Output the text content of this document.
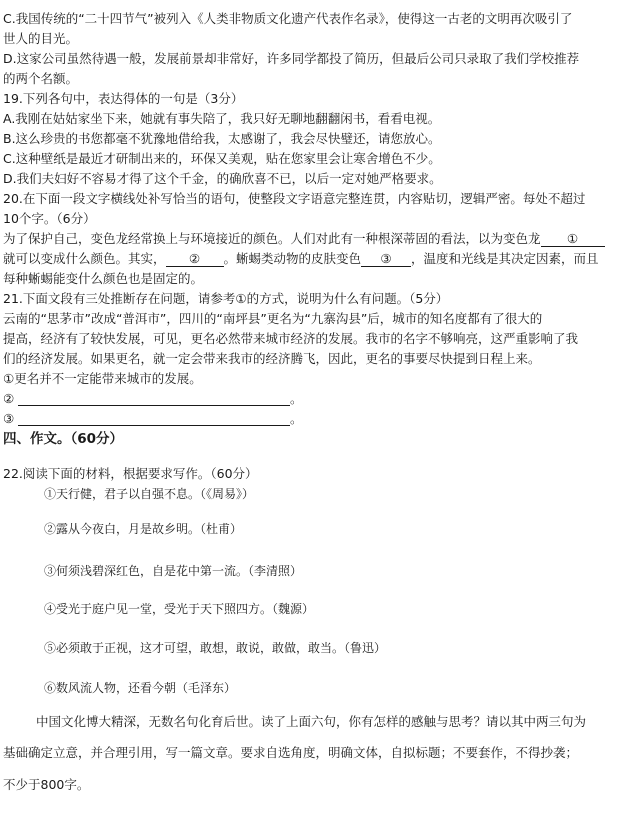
C.我国传统的“二十四节气”被列入《人类非物质文化遗产代表作名录》，使得这一古老的文明再次吸引了
世人的目光。
D.这家公司虽然待遇一般，发展前景却非常好，许多同学都投了简历，但最后公司只录取了我们学校推荐
的两个名额。
19.下列各句中，表达得体的一句是（3分）
A.我刚在姑姑家坐下来，她就有事失陪了，我只好无聊地翻翻闲书，看看电视。
B.这么珍贵的书您都毫不犹豫地借给我，太感谢了，我会尽快璧还，请您放心。
C.这种壁纸是最近才研制出来的，环保又美观，贴在您家里会让寒舍增色不少。
D.我们夫妇好不容易才得了这个千金，的确欣喜不已，以后一定对她严格要求。
20.在下面一段文字横线处补写恰当的语句，使整段文字语意完整连贯，内容贴切，逻辑严密。每处不超过
10个字。（6分）
为了保护自己，变色龙经常换上与环境接近的颜色。人们对此有一种根深蒂固的看法，以为变色龙 ①
就可以变成什么颜色。其实， ② 。蜥蜴类动物的皮肤变色 ③ ，温度和光线是其决定因素，而且
每种蜥蜴能变什么颜色也是固定的。
21.下面文段有三处推断存在问题，请参考①的方式，说明为什么有问题。（5分）
云南的“思茅市”改成“普洱市”，四川的“南坪县”更名为“九寨沟县”后，城市的知名度都有了很大的
提高，经济有了较快发展，可见，更名必然带来城市经济的发展。我市的名字不够响亮，这严重影响了我
们的经济发展。如果更名，就一定会带来我市的经济腾飞，因此，更名的事要尽快提到日程上来。
①更名并不一定能带来城市的发展。
②	。
③	。
四、作文。（60分）
22.阅读下面的材料，根据要求写作。（60分）
①天行健，君子以自强不息。（《周易》）
②露从今夜白，月是故乡明。（杜甫）
③何须浅碧深红色，自是花中第一流。（李清照）
④受光于庭户见一堂，受光于天下照四方。（魏源）
⑤必须敢于正视，这才可望，敢想，敢说，敢做，敢当。（鲁迅）
⑥数风流人物，还看今朝（毛泽东）
中国文化博大精深，无数名句化育后世。读了上面六句，你有怎样的感触与思考？请以其中两三句为
基础确定立意，并合理引用，写一篇文章。要求自选角度，明确文体，自拟标题；不要套作，不得抄袭；
不少于800字。
